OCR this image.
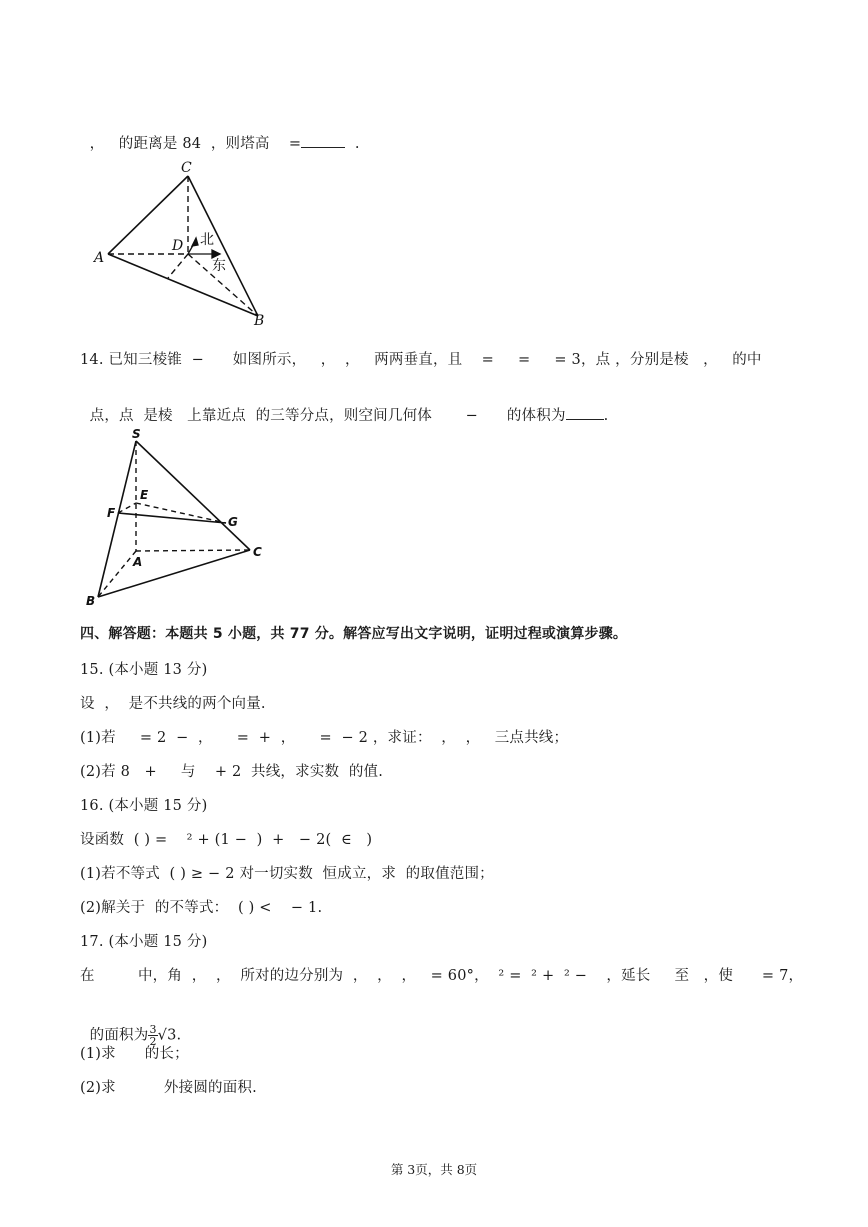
，   的距离是 84  ，则塔高    =	.

C
A
D
B
北
东
14. 已知三棱锥  −      如图所示，   ，  ，   两两垂直，且    =     =     = 3，点 ，分别是棱   ，   的中

点，点  是棱   上靠近点  的三等分点，则空间几何体       −      的体积为	.

S
E
F
G
A
C
B
四、解答题：本题共 5 小题，共 77 分。解答应写出文字说明，证明过程或演算步骤。
15. (本小题 13 分)
设  ，  是不共线的两个向量.
(1)若     = 2  −  ，     =  +  ，     =  − 2 ，求证：  ，  ，   三点共线；
(2)若 8   +     与    + 2  共线，求实数  的值.
16. (本小题 15 分)
设函数  ( ) =    ² + (1 −  )  +   − 2(  ∈   )
(1)若不等式  ( ) ≥ − 2 对一切实数  恒成立，求  的取值范围；
(2)解关于  的不等式：  ( ) <    − 1.
17. (本小题 15 分)
在         中，角  ，  ，  所对的边分别为  ，  ，  ，   = 60°，  ² =  ² +  ² −    ，延长     至   ，使      = 7，

的面积为 $\frac{3}{2} √3$.

(1)求      的长；
(2)求          外接圆的面积.
第 3页，共 8页
